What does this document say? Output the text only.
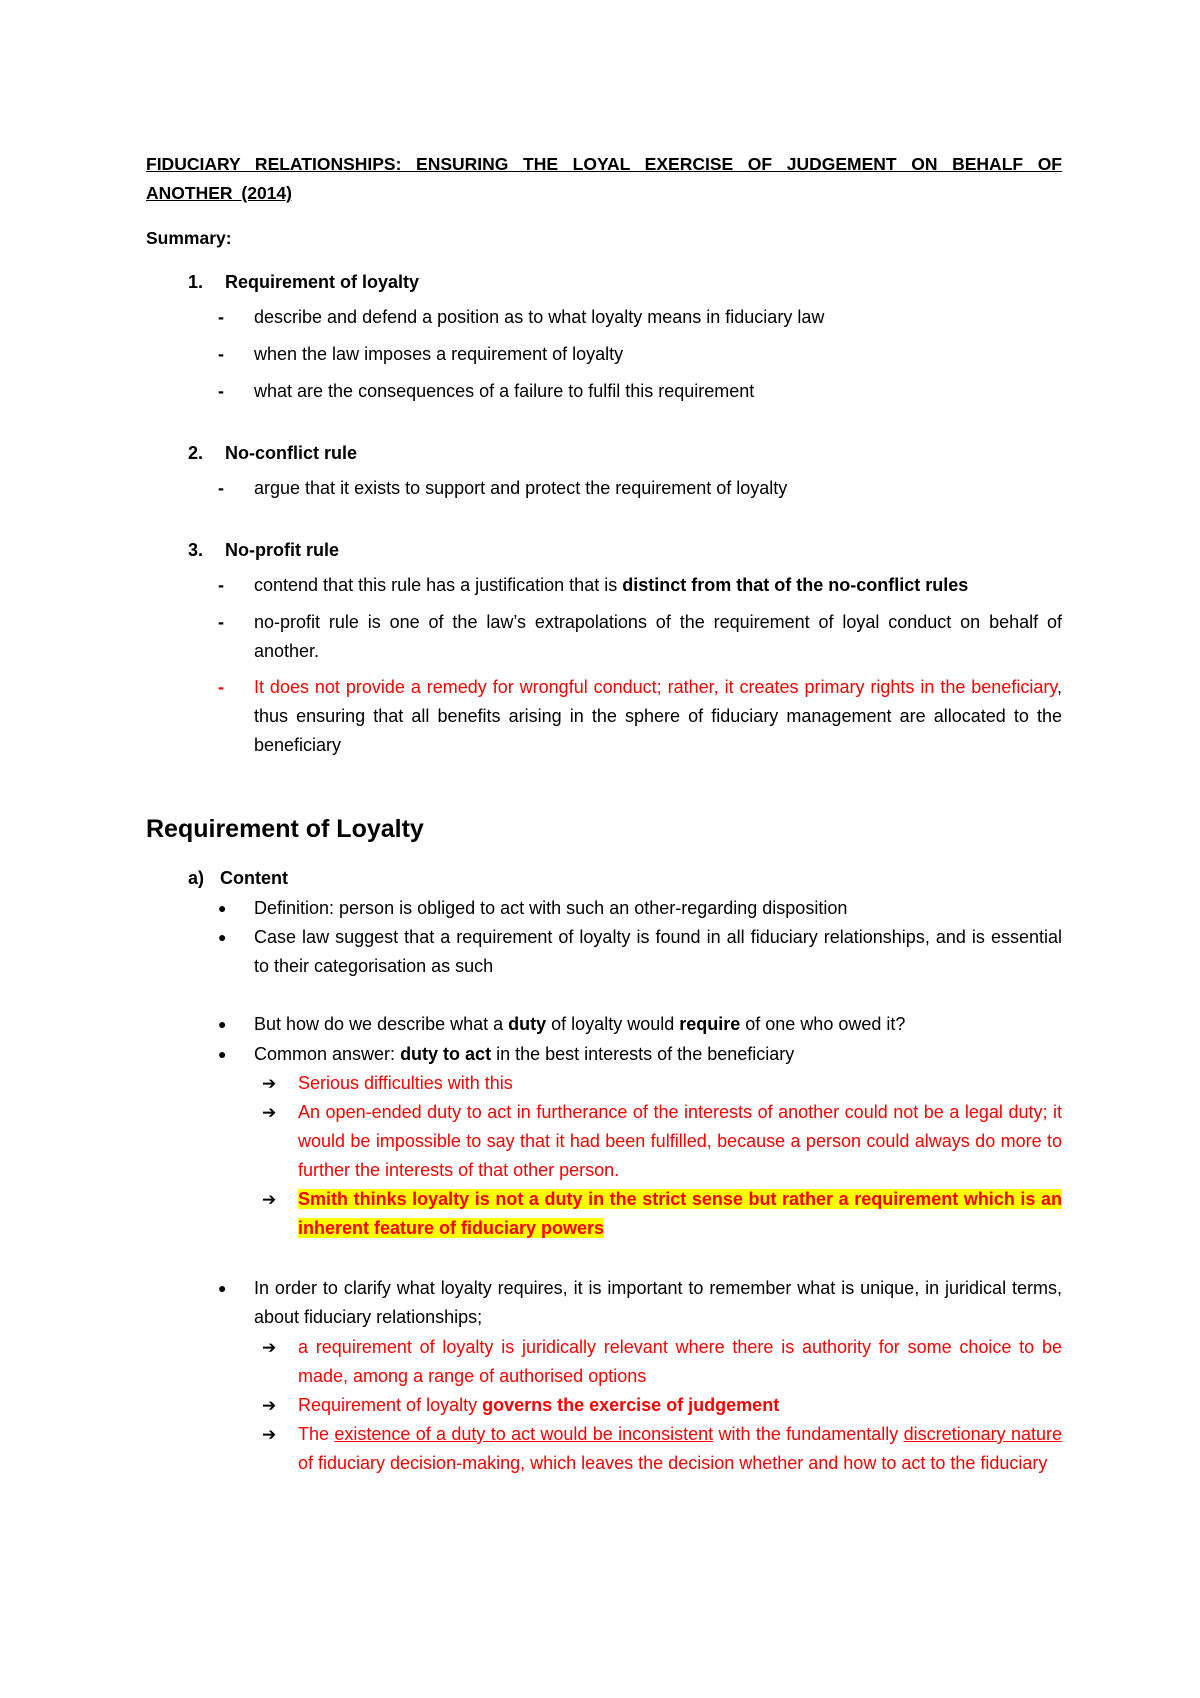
FIDUCIARY RELATIONSHIPS: ENSURING THE LOYAL EXERCISE OF JUDGEMENT ON BEHALF OF ANOTHER (2014)
Summary:
1. Requirement of loyalty
- describe and defend a position as to what loyalty means in fiduciary law
- when the law imposes a requirement of loyalty
- what are the consequences of a failure to fulfil this requirement
2. No-conflict rule
- argue that it exists to support and protect the requirement of loyalty
3. No-profit rule
- contend that this rule has a justification that is distinct from that of the no-conflict rules
- no-profit rule is one of the law’s extrapolations of the requirement of loyal conduct on behalf of another.
- It does not provide a remedy for wrongful conduct; rather, it creates primary rights in the beneficiary, thus ensuring that all benefits arising in the sphere of fiduciary management are allocated to the beneficiary
Requirement of Loyalty
a) Content
● Definition: person is obliged to act with such an other-regarding disposition
● Case law suggest that a requirement of loyalty is found in all fiduciary relationships, and is essential to their categorisation as such
● But how do we describe what a duty of loyalty would require of one who owed it?
● Common answer: duty to act in the best interests of the beneficiary
➔ Serious difficulties with this
➔ An open-ended duty to act in furtherance of the interests of another could not be a legal duty; it would be impossible to say that it had been fulfilled, because a person could always do more to further the interests of that other person.
➔ Smith thinks loyalty is not a duty in the strict sense but rather a requirement which is an inherent feature of fiduciary powers
● In order to clarify what loyalty requires, it is important to remember what is unique, in juridical terms, about fiduciary relationships;
➔ a requirement of loyalty is juridically relevant where there is authority for some choice to be made, among a range of authorised options
➔ Requirement of loyalty governs the exercise of judgement
➔ The existence of a duty to act would be inconsistent with the fundamentally discretionary nature of fiduciary decision-making, which leaves the decision whether and how to act to the fiduciary
